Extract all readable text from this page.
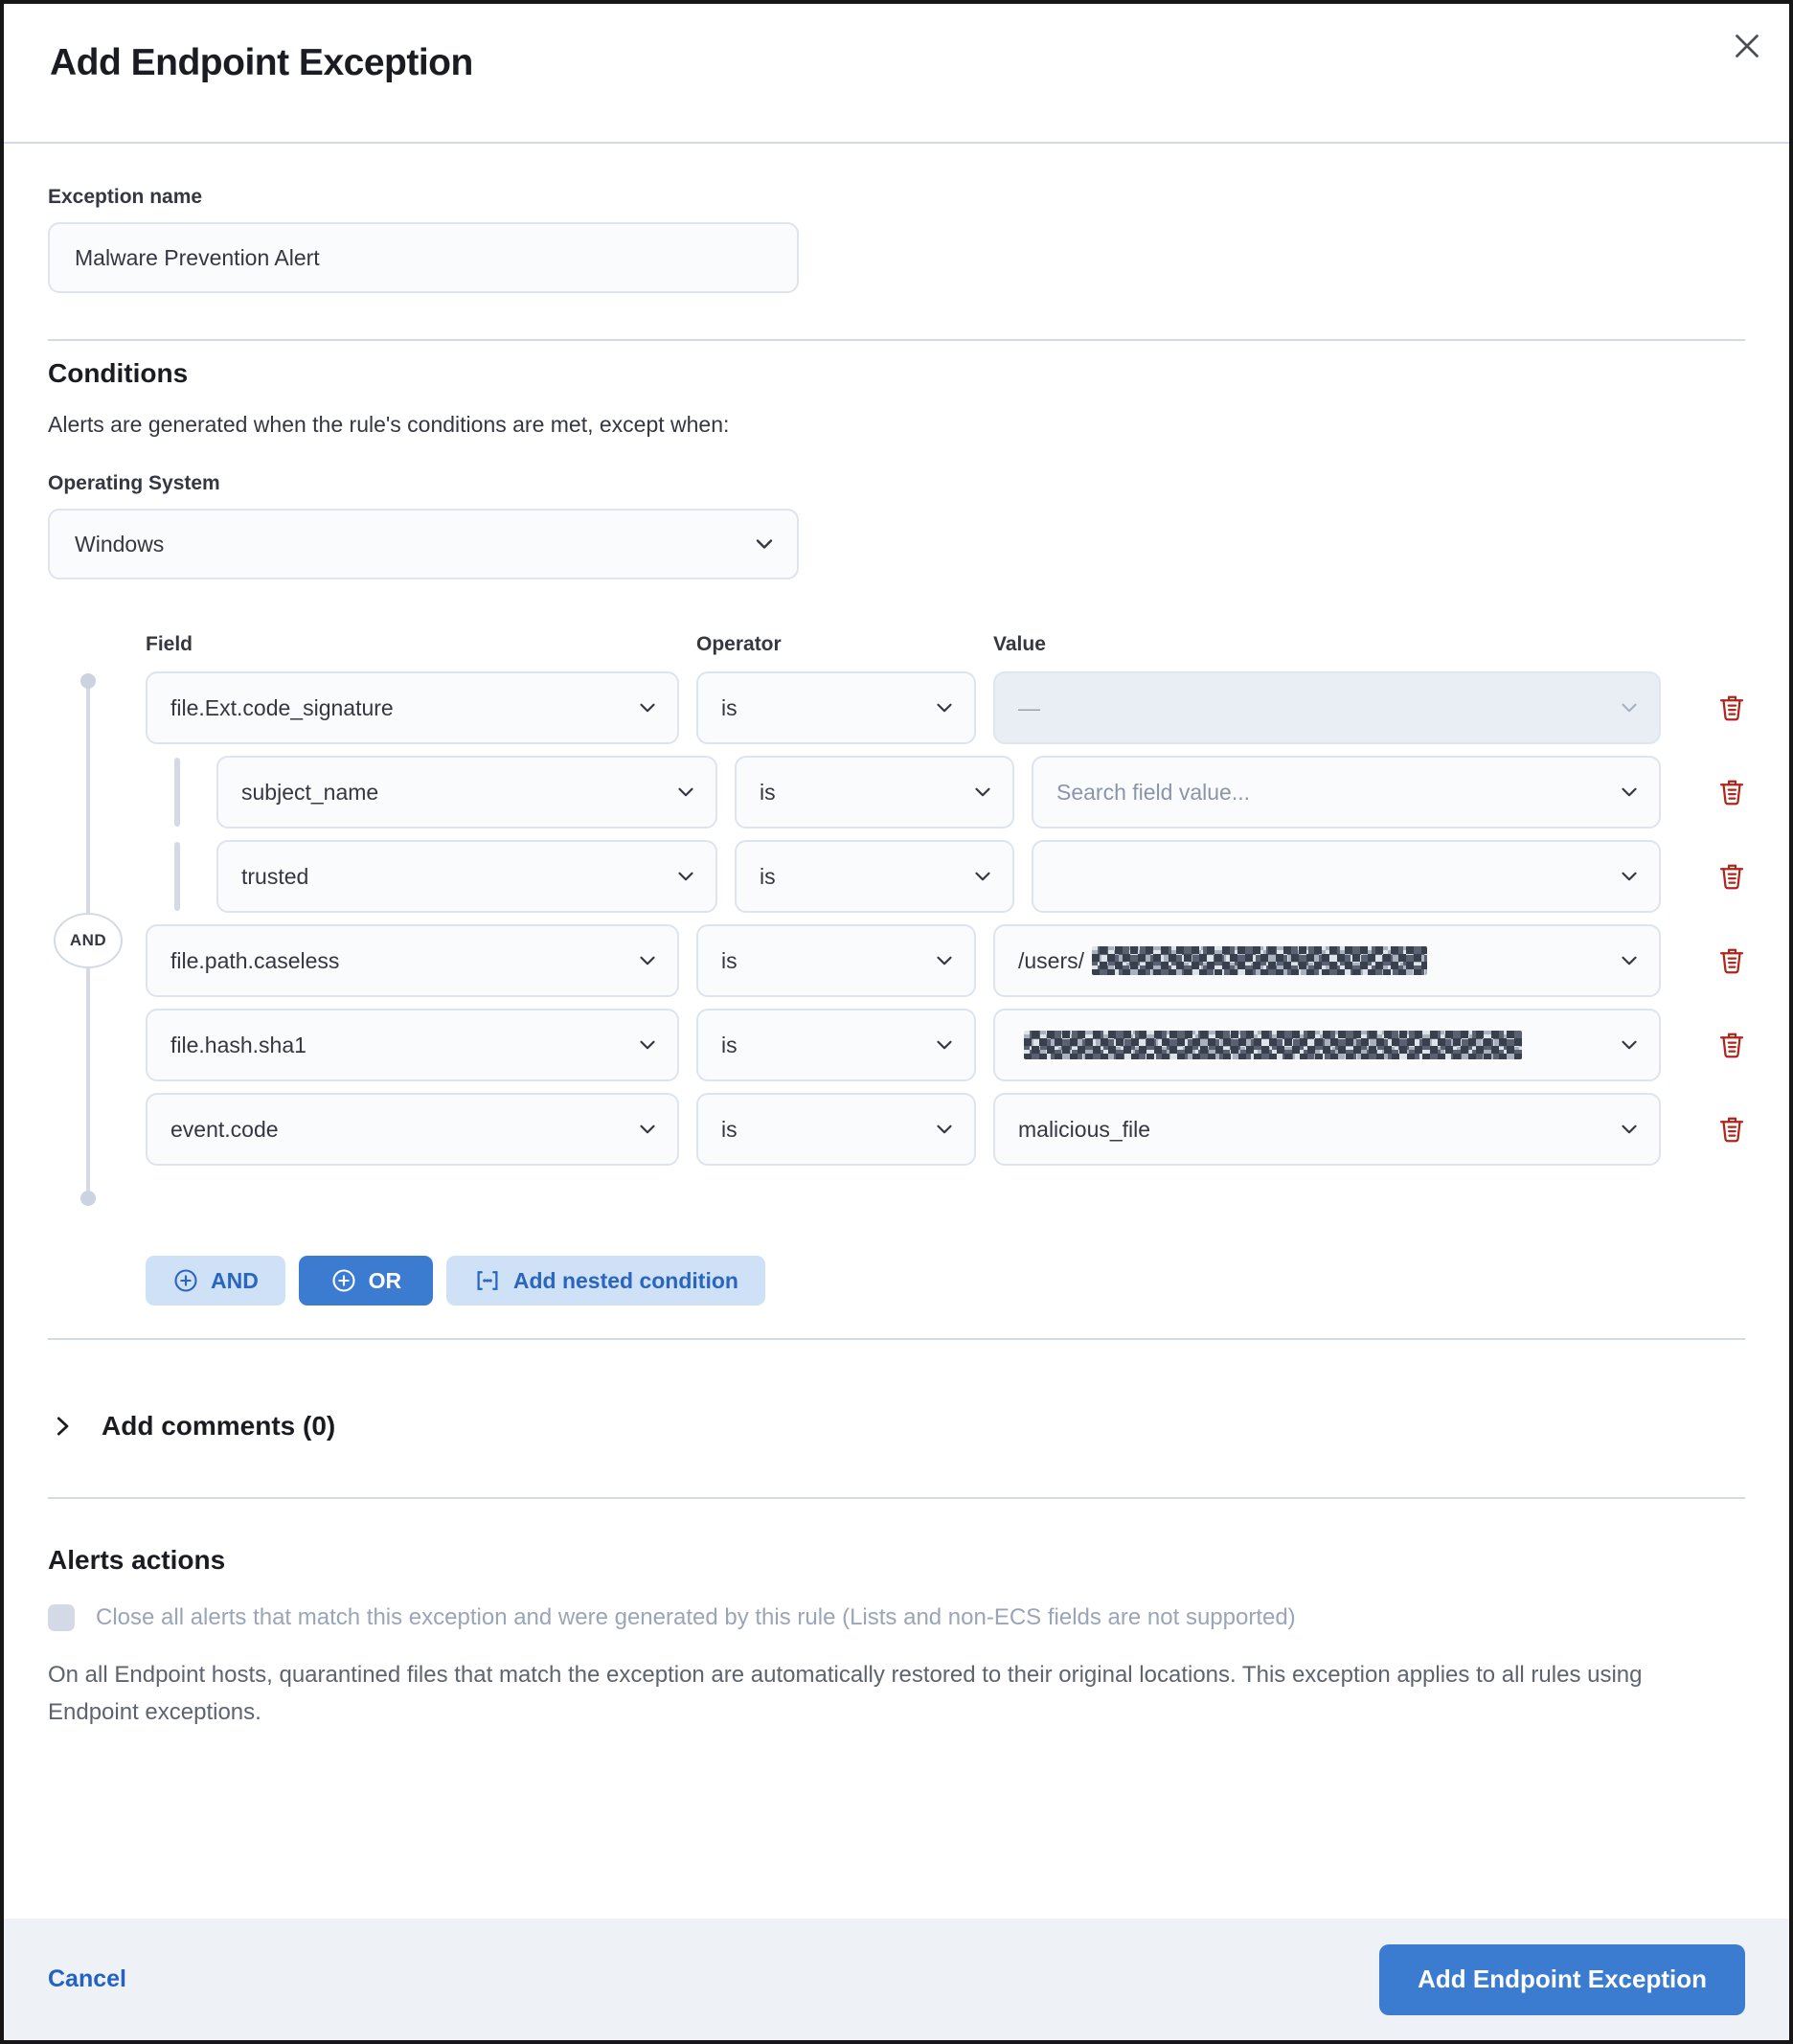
Add Endpoint Exception
Exception name
Malware Prevention Alert
Conditions

Alerts are generated when the rule's conditions are met, except when:

Operating System
Windows
Field	Operator	Value
file.Ext.code_signature	is	—
subject_name	is	Search field value...
trusted	is
file.path.caseless	is	/users/
file.hash.sha1	is
event.code	is	malicious_file
AND
AND	OR	Add nested condition
Add comments (0)
Alerts actions
Close all alerts that match this exception and were generated by this rule (Lists and non-ECS fields are not supported)

On all Endpoint hosts, quarantined files that match the exception are automatically restored to their original locations. This exception applies to all rules using Endpoint exceptions.

Cancel	Add Endpoint Exception
